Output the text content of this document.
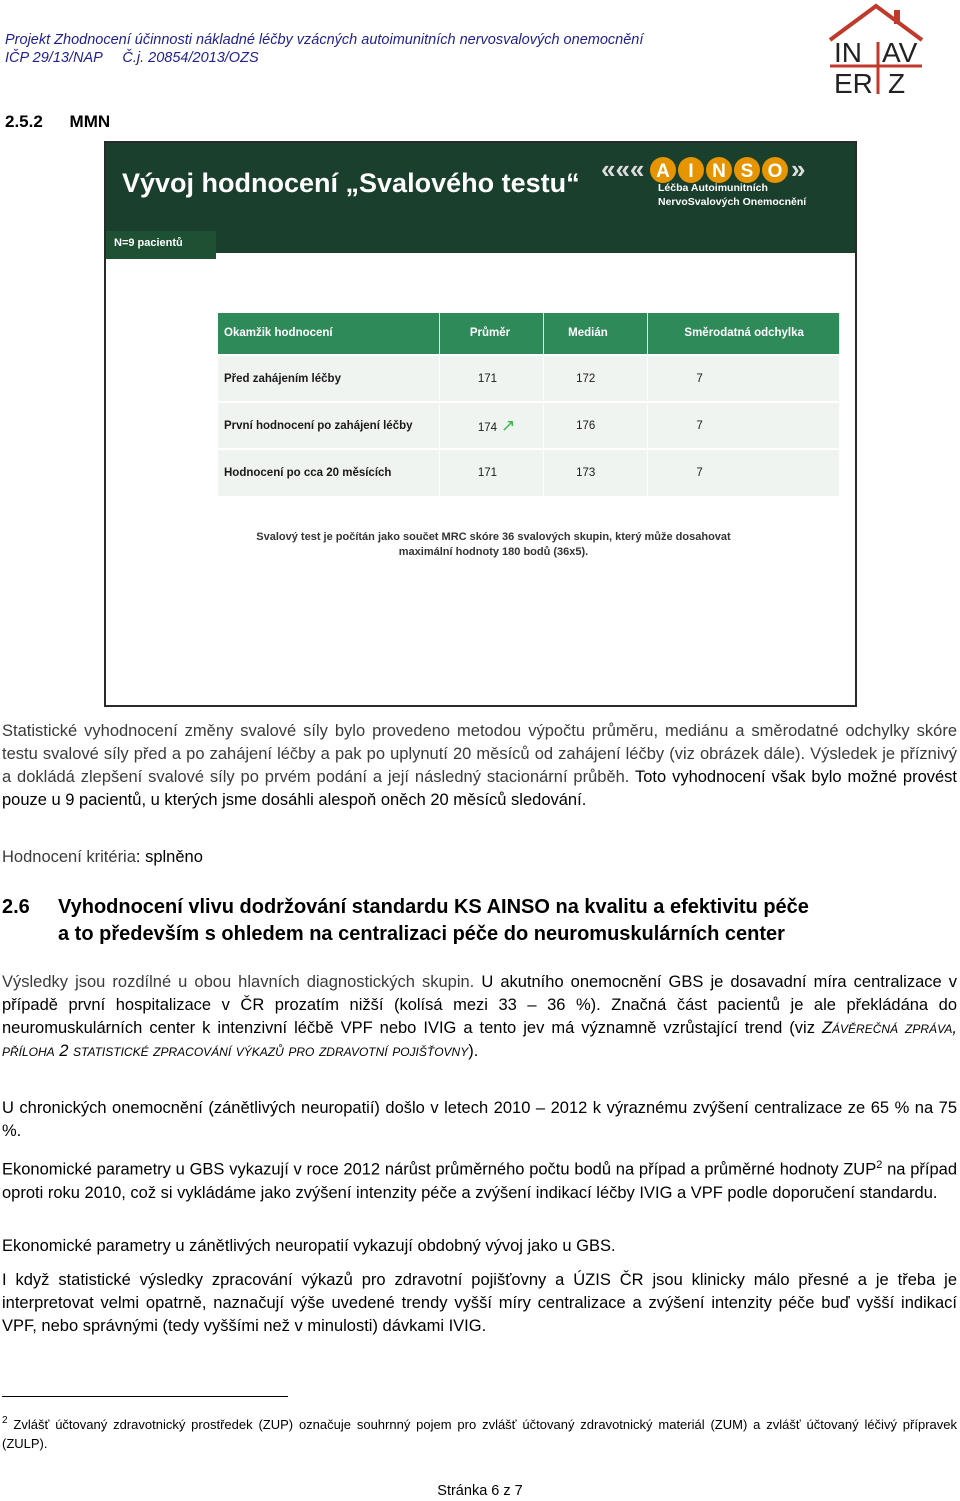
Projekt Zhodnocení účinnosti nákladné léčby vzácných autoimunitních nervosvalových onemocnění
IČP 29/13/NAP     Č.j. 20854/2013/OZS	IN AV
ER Z
2.5.2 MMN
Vývoj hodnocení „Svalového testu“
N=9 pacientů
««« A I N S O »
Léčba Autoimunitních
NervoSvalových Onemocnění
Okamžik hodnocení	Průměr	Medián	Směrodatná odchylka
Před zahájením léčby	171	172	7
První hodnocení po zahájení léčby	174 ↗	176	7
Hodnocení po cca 20 měsících	171	173	7
Svalový test je počítán jako součet MRC skóre 36 svalových skupin, který může dosahovat
maximální hodnoty 180 bodů (36x5).
Statistické vyhodnocení změny svalové síly bylo provedeno metodou výpočtu průměru, mediánu a směrodatné odchylky skóre testu svalové síly před a po zahájení léčby a pak po uplynutí 20 měsíců od zahájení léčby (viz obrázek dále). Výsledek je příznivý a dokládá zlepšení svalové síly po prvém podání a její následný stacionární průběh. Toto vyhodnocení však bylo možné provést pouze u 9 pacientů, u kterých jsme dosáhli alespoň oněch 20 měsíců sledování.
Hodnocení kritéria: splněno
2.6 Vyhodnocení vlivu dodržování standardu KS AINSO na kvalitu a efektivitu péče
a to především s ohledem na centralizaci péče do neuromuskulárních center
Výsledky jsou rozdílné u obou hlavních diagnostických skupin. U akutního onemocnění GBS je dosavadní míra centralizace v případě první hospitalizace v ČR prozatím nižší (kolísá mezi 33 – 36 %). Značná část pacientů je ale překládána do neuromuskulárních center k intenzivní léčbě VPF nebo IVIG a tento jev má významně vzrůstající trend (viz Závěrečná zpráva, příloha 2 statistické zpracování výkazů pro zdravotní pojišťovny).
U chronických onemocnění (zánětlivých neuropatií) došlo v letech 2010 – 2012 k výraznému zvýšení centralizace ze 65 % na 75 %.
Ekonomické parametry u GBS vykazují v roce 2012 nárůst průměrného počtu bodů na případ a průměrné hodnoty ZUP$^2$ na případ oproti roku 2010, což si vykládáme jako zvýšení intenzity péče a zvýšení indikací léčby IVIG a VPF podle doporučení standardu.
Ekonomické parametry u zánětlivých neuropatií vykazují obdobný vývoj jako u GBS.
I když statistické výsledky zpracování výkazů pro zdravotní pojišťovny a ÚZIS ČR jsou klinicky málo přesné a je třeba je interpretovat velmi opatrně, naznačují výše uvedené trendy vyšší míry centralizace a zvýšení intenzity péče buď vyšší indikací VPF, nebo správnými (tedy vyššími než v minulosti) dávkami IVIG.
$^2$ Zvlášť účtovaný zdravotnický prostředek (ZUP) označuje souhrnný pojem pro zvlášť účtovaný zdravotnický materiál (ZUM) a zvlášť účtovaný léčivý přípravek (ZULP).
Stránka 6 z 7
